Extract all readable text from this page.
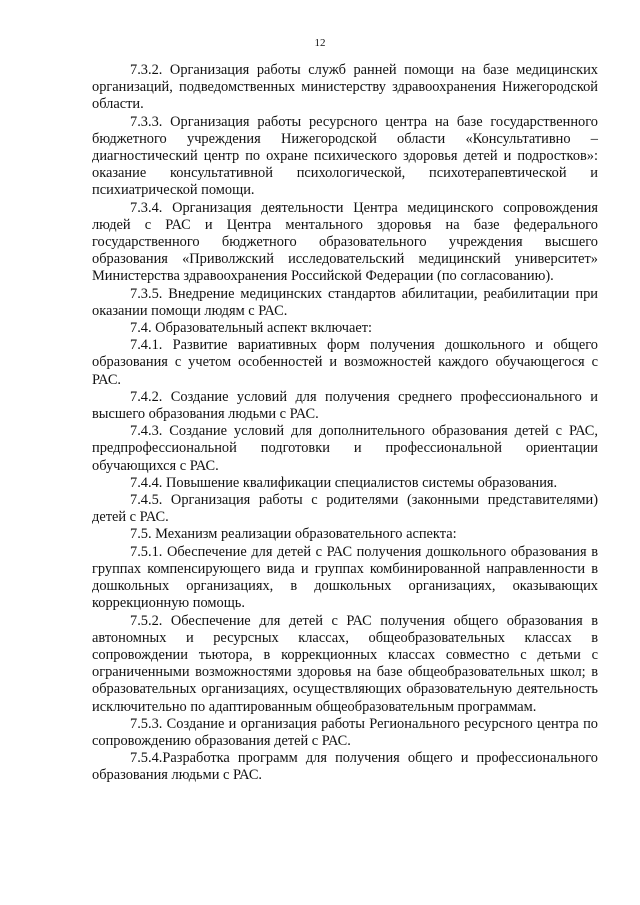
12

7.3.2. Организация работы служб ранней помощи на базе медицинских организаций, подведомственных министерству здравоохранения Нижегородской области.

7.3.3. Организация работы ресурсного центра на базе государственного бюджетного учреждения Нижегородской области «Консультативно – диагностический центр по охране психического здоровья детей и подростков»: оказание консультативной психологической, психотерапевтической и психиатрической помощи.

7.3.4. Организация деятельности Центра медицинского сопровождения людей с РАС и Центра ментального здоровья на базе федерального государственного бюджетного образовательного учреждения высшего образования «Приволжский исследовательский медицинский университет» Министерства здравоохранения Российской Федерации (по согласованию).

7.3.5. Внедрение медицинских стандартов абилитации, реабилитации при оказании помощи людям с РАС.

7.4. Образовательный аспект включает:

7.4.1. Развитие вариативных форм получения дошкольного и общего образования с учетом особенностей и возможностей каждого обучающегося с РАС.

7.4.2. Создание условий для получения среднего профессионального и высшего образования людьми с РАС.

7.4.3. Создание условий для дополнительного образования детей с РАС, предпрофессиональной подготовки и профессиональной ориентации обучающихся с РАС.

7.4.4. Повышение квалификации специалистов системы образования.

7.4.5. Организация работы с родителями (законными представителями) детей с РАС.

7.5. Механизм реализации образовательного аспекта:

7.5.1. Обеспечение для детей с РАС получения дошкольного образования в группах компенсирующего вида и группах комбинированной направленности в дошкольных организациях, в дошкольных организациях, оказывающих коррекционную помощь.

7.5.2. Обеспечение для детей с РАС получения общего образования в автономных и ресурсных классах, общеобразовательных классах в сопровождении тьютора, в коррекционных классах совместно с детьми с ограниченными возможностями здоровья на базе общеобразовательных школ; в образовательных организациях, осуществляющих образовательную деятельность исключительно по адаптированным общеобразовательным программам.

7.5.3. Создание и организация работы Регионального ресурсного центра по сопровождению образования детей с РАС.

7.5.4.Разработка программ для получения общего и профессионального образования людьми с РАС.
